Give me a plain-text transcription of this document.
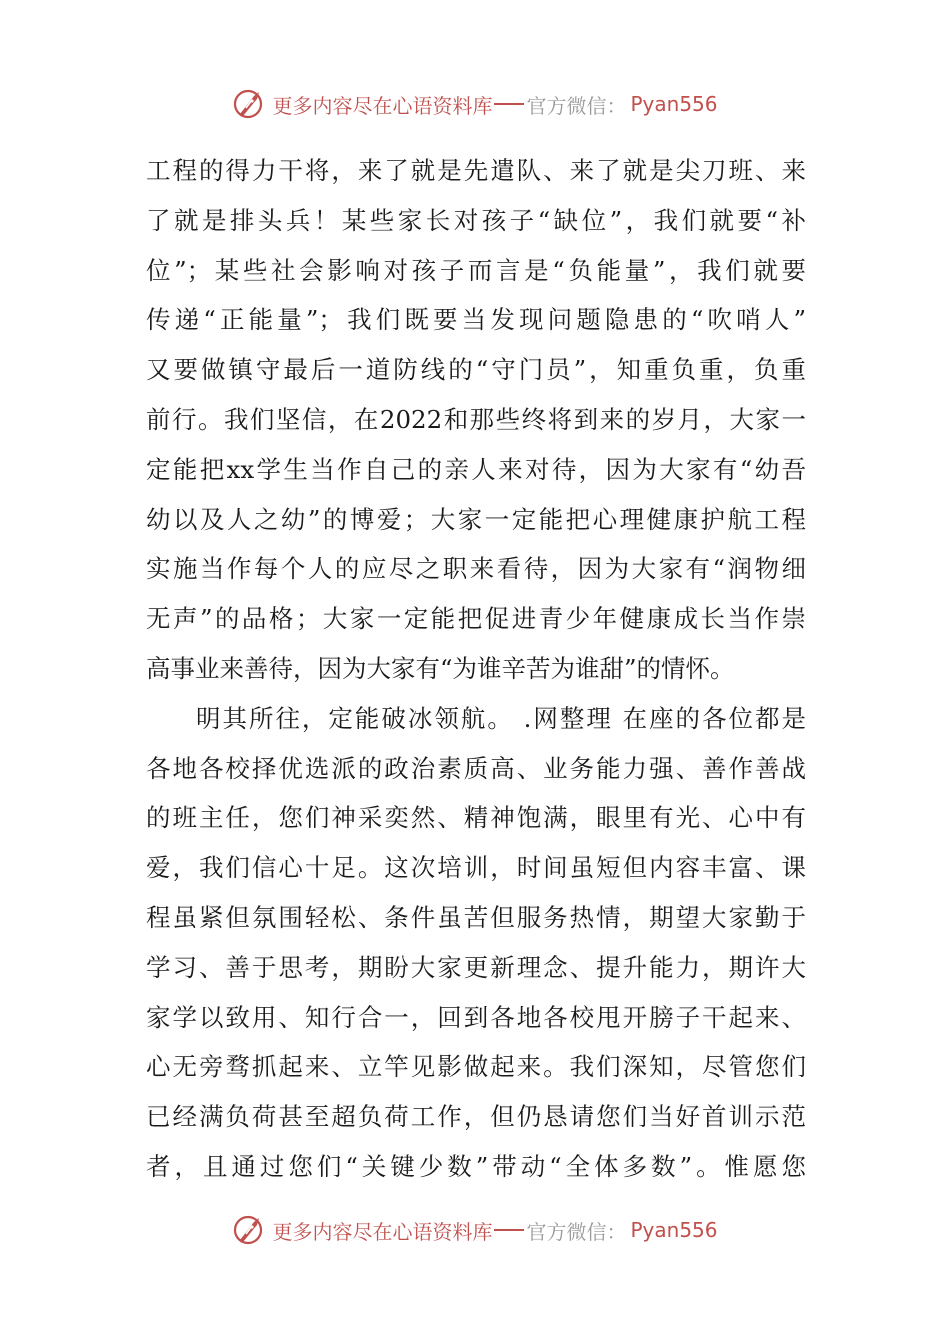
更多内容尽在心语资料库 官方微信： Pyan556
工程的得力干将，来了就是先遣队、来了就是尖刀班、来
了就是排头兵！某些家长对孩子“缺位”，我们就要“补
位”；某些社会影响对孩子而言是“负能量”，我们就要
传递“正能量”；我们既要当发现问题隐患的“吹哨人”
又要做镇守最后一道防线的“守门员”，知重负重，负重
前行。我们坚信，在2022和那些终将到来的岁月，大家一
定能把xx学生当作自己的亲人来对待，因为大家有“幼吾
幼以及人之幼”的博爱；大家一定能把心理健康护航工程
实施当作每个人的应尽之职来看待，因为大家有“润物细
无声”的品格；大家一定能把促进青少年健康成长当作崇
高事业来善待，因为大家有“为谁辛苦为谁甜”的情怀。
明其所往，定能破冰领航。 .网整理 在座的各位都是
各地各校择优选派的政治素质高、业务能力强、善作善战
的班主任，您们神采奕然、精神饱满，眼里有光、心中有
爱，我们信心十足。这次培训，时间虽短但内容丰富、课
程虽紧但氛围轻松、条件虽苦但服务热情，期望大家勤于
学习、善于思考，期盼大家更新理念、提升能力，期许大
家学以致用、知行合一，回到各地各校甩开膀子干起来、
心无旁骛抓起来、立竿见影做起来。我们深知，尽管您们
已经满负荷甚至超负荷工作，但仍恳请您们当好首训示范
者，且通过您们“关键少数”带动“全体多数”。惟愿您
更多内容尽在心语资料库 官方微信： Pyan556
